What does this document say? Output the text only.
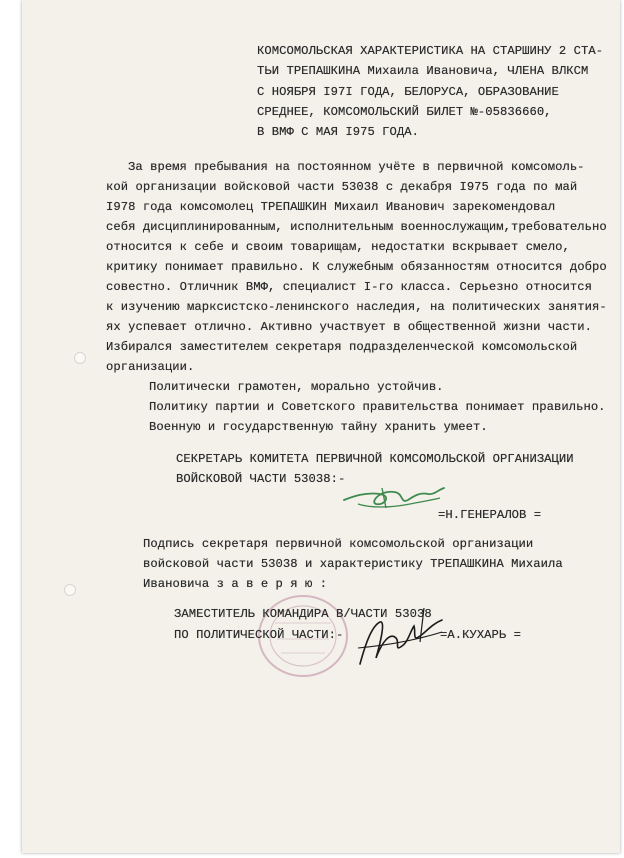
КОМСОМОЛЬСКАЯ ХАРАКТЕРИСТИКА НА СТАРШИНУ 2 СТА-
ТЬИ ТРЕПАШКИНА Михаила Ивановича, ЧЛЕНА ВЛКСМ
С НОЯБРЯ I97I ГОДА, БЕЛОРУСА, ОБРАЗОВАНИЕ
СРЕДНЕЕ, КОМСОМОЛЬСКИЙ БИЛЕТ №-05836660,
В ВМФ С МАЯ I975 ГОДА.
За время пребывания на постоянном учёте в первичной комсомоль-
кой организации войсковой части 53038 с декабря I975 года по май
I978 года комсомолец ТРЕПАШКИН Михаил Иванович зарекомендовал
себя дисциплинированным, исполнительным военнослужащим,требовательно
относится к себе и своим товарищам, недостатки вскрывает смело,
критику понимает правильно. К служебным обязанностям относится добро
совестно. Отличник ВМФ, специалист I-го класса. Серьезно относится
к изучению марксистско-ленинского наследия, на политических занятия-
ях успевает отлично. Активно участвует в общественной жизни части.
Избирался заместителем секретаря подразделенческой комсомольской
организации.
Политически грамотен, морально устойчив.
Политику партии и Советского правительства понимает правильно.
Военную и государственную тайну хранить умеет.
СЕКРЕТАРЬ КОМИТЕТА ПЕРВИЧНОЙ КОМСОМОЛЬСКОЙ ОРГАНИЗАЦИИ
ВОЙСКОВОЙ ЧАСТИ 53038:-
=Н.ГЕНЕРАЛОВ =
Подпись секретаря первичной комсомольской организации
войсковой части 53038 и характеристику ТРЕПАШКИНА Михаила
Ивановича з а в е р я ю :
ЗАМЕСТИТЕЛЬ КОМАНДИРА В/ЧАСТИ 53038
ПО ПОЛИТИЧЕСКОЙ ЧАСТИ:-	=А.КУХАРЬ =
